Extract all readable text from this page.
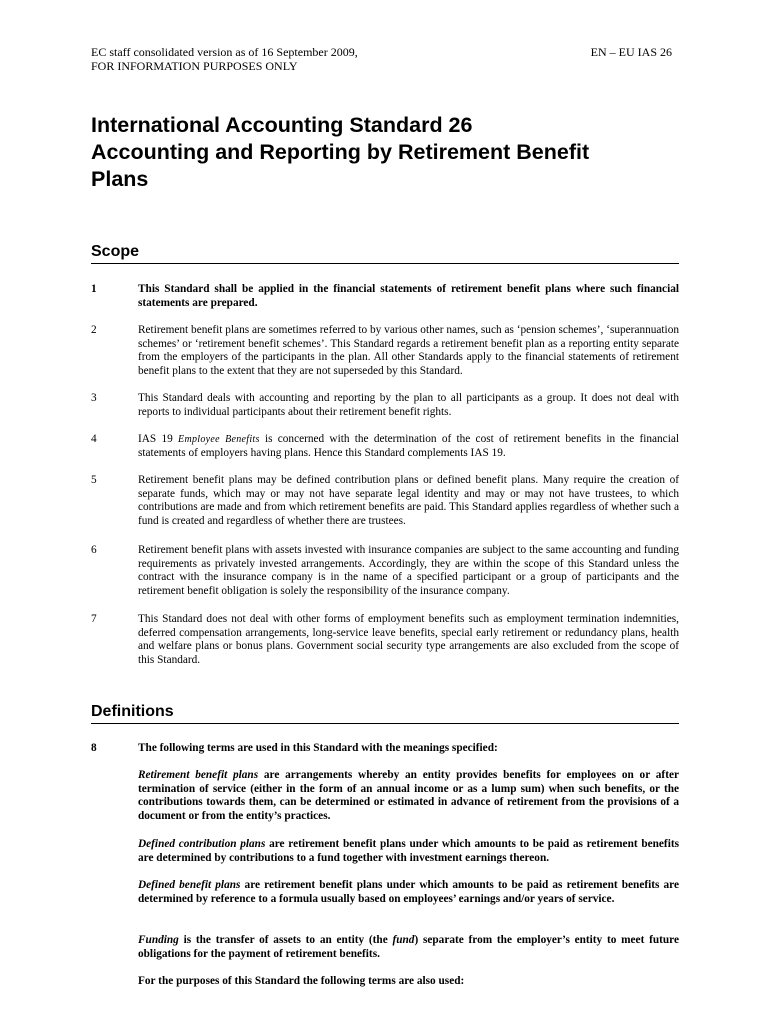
EC staff consolidated version as of 16 September 2009,
FOR INFORMATION PURPOSES ONLY
EN – EU IAS 26
International Accounting Standard 26
Accounting and Reporting by Retirement Benefit
Plans
Scope
1	This Standard shall be applied in the financial statements of retirement benefit plans where such financial statements are prepared.
2	Retirement benefit plans are sometimes referred to by various other names, such as ‘pension schemes’, ‘superannuation schemes’ or ‘retirement benefit schemes’. This Standard regards a retirement benefit plan as a reporting entity separate from the employers of the participants in the plan. All other Standards apply to the financial statements of retirement benefit plans to the extent that they are not superseded by this Standard.
3	This Standard deals with accounting and reporting by the plan to all participants as a group. It does not deal with reports to individual participants about their retirement benefit rights.
4	IAS 19 Employee Benefits is concerned with the determination of the cost of retirement benefits in the financial statements of employers having plans. Hence this Standard complements IAS 19.
5	Retirement benefit plans may be defined contribution plans or defined benefit plans. Many require the creation of separate funds, which may or may not have separate legal identity and may or may not have trustees, to which contributions are made and from which retirement benefits are paid. This Standard applies regardless of whether such a fund is created and regardless of whether there are trustees.
6	Retirement benefit plans with assets invested with insurance companies are subject to the same accounting and funding requirements as privately invested arrangements. Accordingly, they are within the scope of this Standard unless the contract with the insurance company is in the name of a specified participant or a group of participants and the retirement benefit obligation is solely the responsibility of the insurance company.
7	This Standard does not deal with other forms of employment benefits such as employment termination indemnities, deferred compensation arrangements, long-service leave benefits, special early retirement or redundancy plans, health and welfare plans or bonus plans. Government social security type arrangements are also excluded from the scope of this Standard.
Definitions
8	The following terms are used in this Standard with the meanings specified:
Retirement benefit plans are arrangements whereby an entity provides benefits for employees on or after termination of service (either in the form of an annual income or as a lump sum) when such benefits, or the contributions towards them, can be determined or estimated in advance of retirement from the provisions of a document or from the entity’s practices.
Defined contribution plans are retirement benefit plans under which amounts to be paid as retirement benefits are determined by contributions to a fund together with investment earnings thereon.
Defined benefit plans are retirement benefit plans under which amounts to be paid as retirement benefits are determined by reference to a formula usually based on employees’ earnings and/or years of service.
Funding is the transfer of assets to an entity (the fund) separate from the employer’s entity to meet future obligations for the payment of retirement benefits.
For the purposes of this Standard the following terms are also used:
